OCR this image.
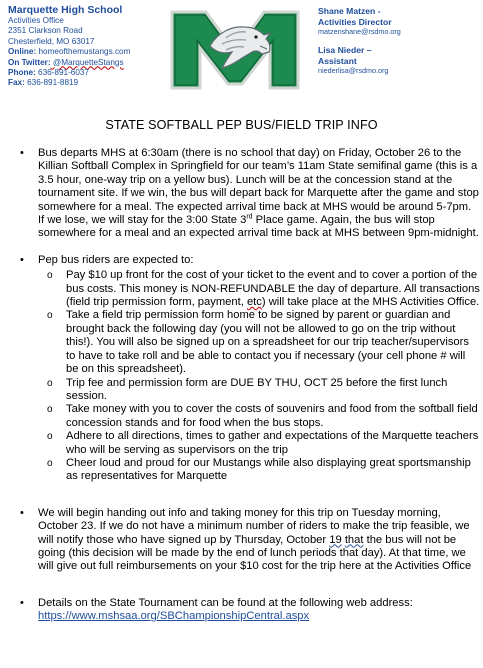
Marquette High School
Activities Office
2351 Clarkson Road
Chesterfield, MO 63017
Online: homeofthemustangs.com
On Twitter: @MarquetteStangs
Phone: 636-891-6037
Fax: 636-891-8819
Shane Matzen -
Activities Director
matzenshane@rsdmo.org
Lisa Nieder –
Assistant
niederlisa@rsdmo.org
STATE SOFTBALL PEP BUS/FIELD TRIP INFO
• Bus departs MHS at 6:30am (there is no school that day) on Friday, October 26 to the Killian Softball Complex in Springfield for our team’s 11am State semifinal game (this is a 3.5 hour, one-way trip on a yellow bus). Lunch will be at the concession stand at the tournament site. If we win, the bus will depart back for Marquette after the game and stop somewhere for a meal. The expected arrival time back at MHS would be around 5-7pm. If we lose, we will stay for the 3:00 State 3rd Place game. Again, the bus will stop somewhere for a meal and an expected arrival time back at MHS between 9pm-midnight.

• Pep bus riders are expected to:

o Pay $10 up front for the cost of your ticket to the event and to cover a portion of the bus costs. This money is NON-REFUNDABLE the day of departure. All transactions (field trip permission form, payment, etc) will take place at the MHS Activities Office.

o Take a field trip permission form home to be signed by parent or guardian and brought back the following day (you will not be allowed to go on the trip without this!). You will also be signed up on a spreadsheet for our trip teacher/supervisors to have to take roll and be able to contact you if necessary (your cell phone # will be on this spreadsheet).

o Trip fee and permission form are DUE BY THU, OCT 25 before the first lunch session.

o Take money with you to cover the costs of souvenirs and food from the softball field concession stands and for food when the bus stops.

o Adhere to all directions, times to gather and expectations of the Marquette teachers who will be serving as supervisors on the trip

o Cheer loud and proud for our Mustangs while also displaying great sportsmanship as representatives for Marquette

• We will begin handing out info and taking money for this trip on Tuesday morning, October 23. If we do not have a minimum number of riders to make the trip feasible, we will notify those who have signed up by Thursday, October 19 that the bus will not be going (this decision will be made by the end of lunch periods that day). At that time, we will give out full reimbursements on your $10 cost for the trip here at the Activities Office

• Details on the State Tournament can be found at the following web address:
https://www.mshsaa.org/SBChampionshipCentral.aspx
